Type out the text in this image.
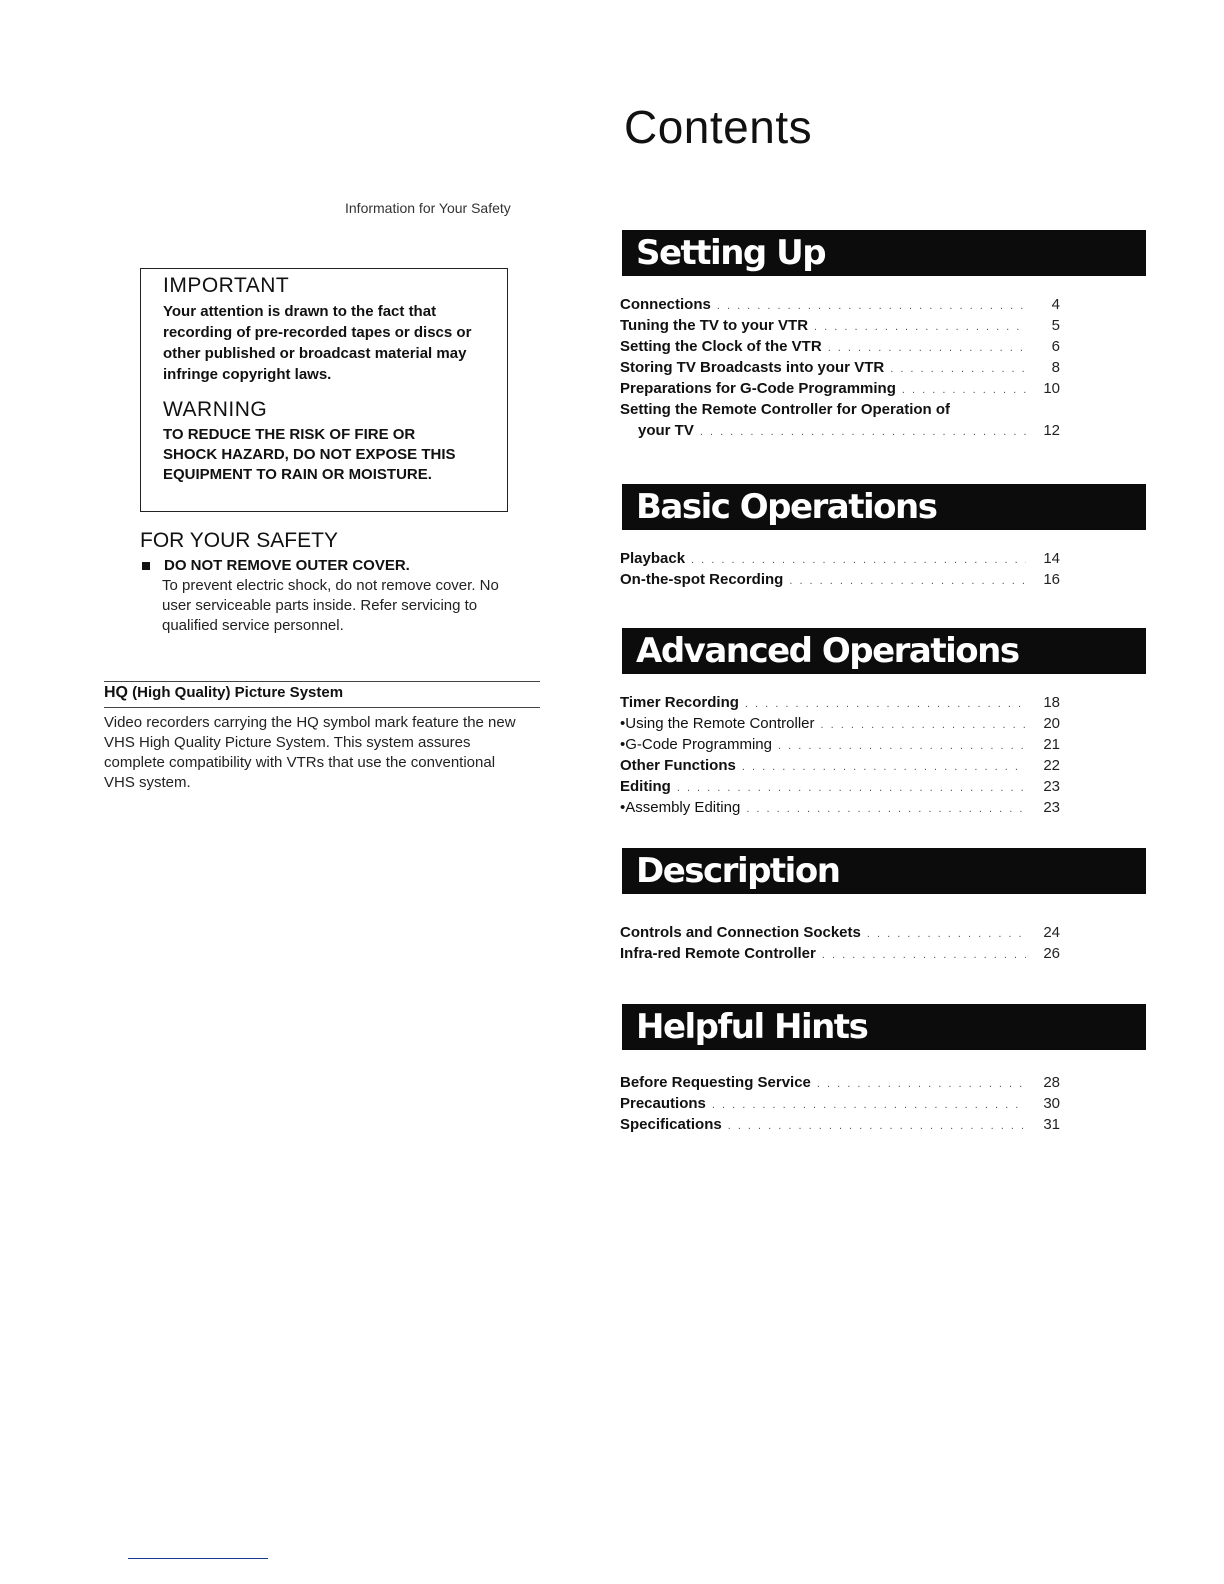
Information for Your Safety
IMPORTANT

Your attention is drawn to the fact that recording of pre-recorded tapes or discs or other published or broadcast material may infringe copyright laws.

WARNING

TO REDUCE THE RISK OF FIRE OR SHOCK HAZARD, DO NOT EXPOSE THIS EQUIPMENT TO RAIN OR MOISTURE.

FOR YOUR SAFETY
DO NOT REMOVE OUTER COVER.
To prevent electric shock, do not remove cover. No user serviceable parts inside. Refer servicing to qualified service personnel.
HQ (High Quality) Picture System
Video recorders carrying the HQ symbol mark feature the new VHS High Quality Picture System. This system assures complete compatibility with VTRs that use the conventional VHS system.
Contents
Setting Up
Connections . . .	4
Tuning the TV to your VTR . . .	5
Setting the Clock of the VTR . . .	6
Storing TV Broadcasts into your VTR . . .	8
Preparations for G-Code Programming . . .	10
Setting the Remote Controller for Operation of
your TV . . .	12
Basic Operations
Playback . . .	14
On-the-spot Recording . . .	16
Advanced Operations
Timer Recording . . .	18
•Using the Remote Controller . . .	20
•G-Code Programming . . .	21
Other Functions . . .	22
Editing . . .	23
•Assembly Editing . . .	23
Description
Controls and Connection Sockets . . .	24
Infra-red Remote Controller . . .	26
Helpful Hints
Before Requesting Service . . .	28
Precautions . . .	30
Specifications . . .	31
